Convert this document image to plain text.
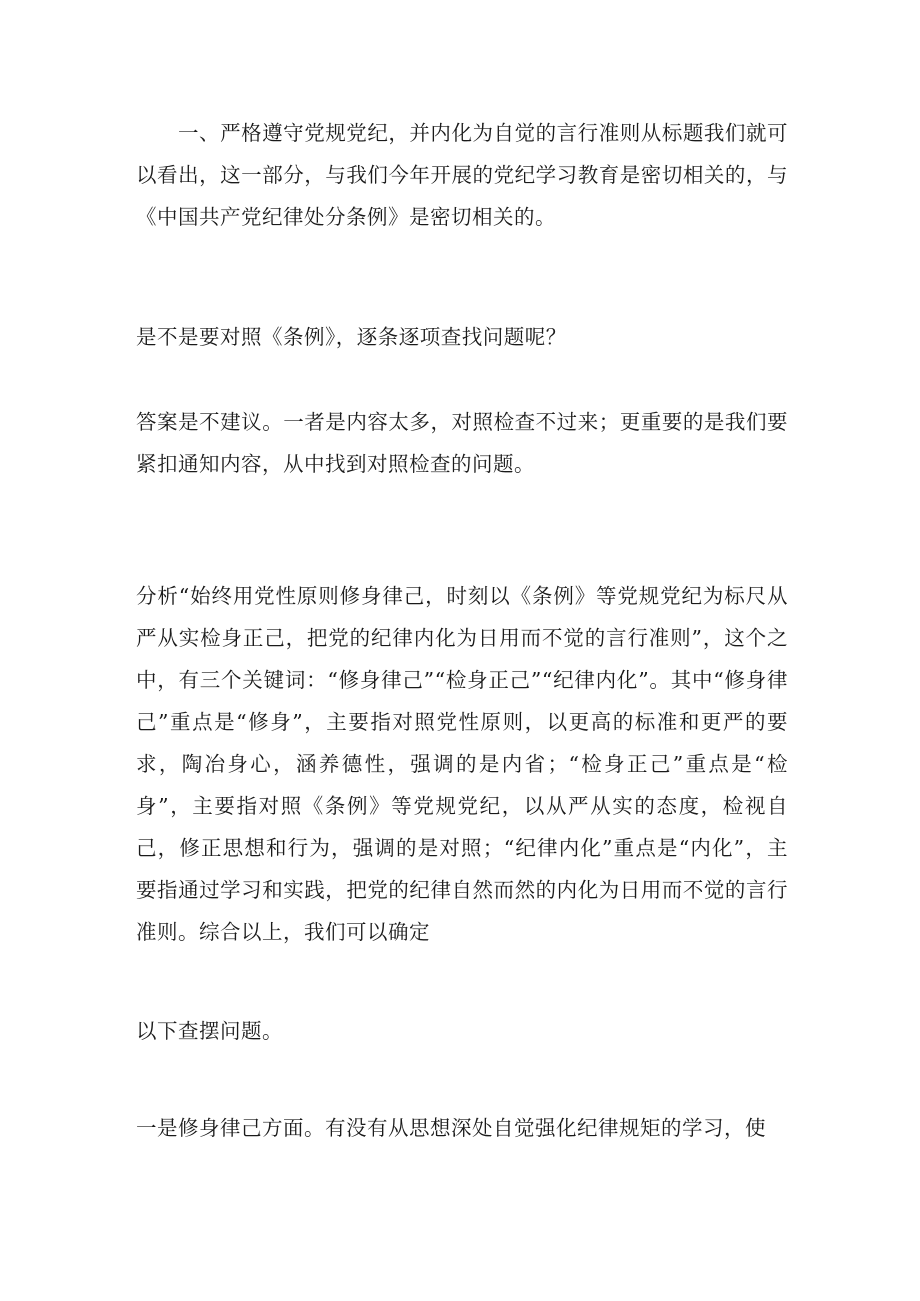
一、严格遵守党规党纪，并内化为自觉的言行准则从标题我们就可以看出，这一部分，与我们今年开展的党纪学习教育是密切相关的，与《中国共产党纪律处分条例》是密切相关的。

是不是要对照《条例》，逐条逐项查找问题呢？

答案是不建议。一者是内容太多，对照检查不过来；更重要的是我们要紧扣通知内容，从中找到对照检查的问题。

分析“始终用党性原则修身律己，时刻以《条例》等党规党纪为标尺从严从实检身正己，把党的纪律内化为日用而不觉的言行准则”，这个之中，有三个关键词：“修身律己”“检身正己”“纪律内化”。其中“修身律己”重点是“修身”，主要指对照党性原则，以更高的标准和更严的要求，陶冶身心，涵养德性，强调的是内省；“检身正己”重点是“检身”，主要指对照《条例》等党规党纪，以从严从实的态度，检视自己，修正思想和行为，强调的是对照；“纪律内化”重点是“内化”，主要指通过学习和实践，把党的纪律自然而然的内化为日用而不觉的言行准则。综合以上，我们可以确定

以下查摆问题。

一是修身律己方面。有没有从思想深处自觉强化纪律规矩的学习，使
